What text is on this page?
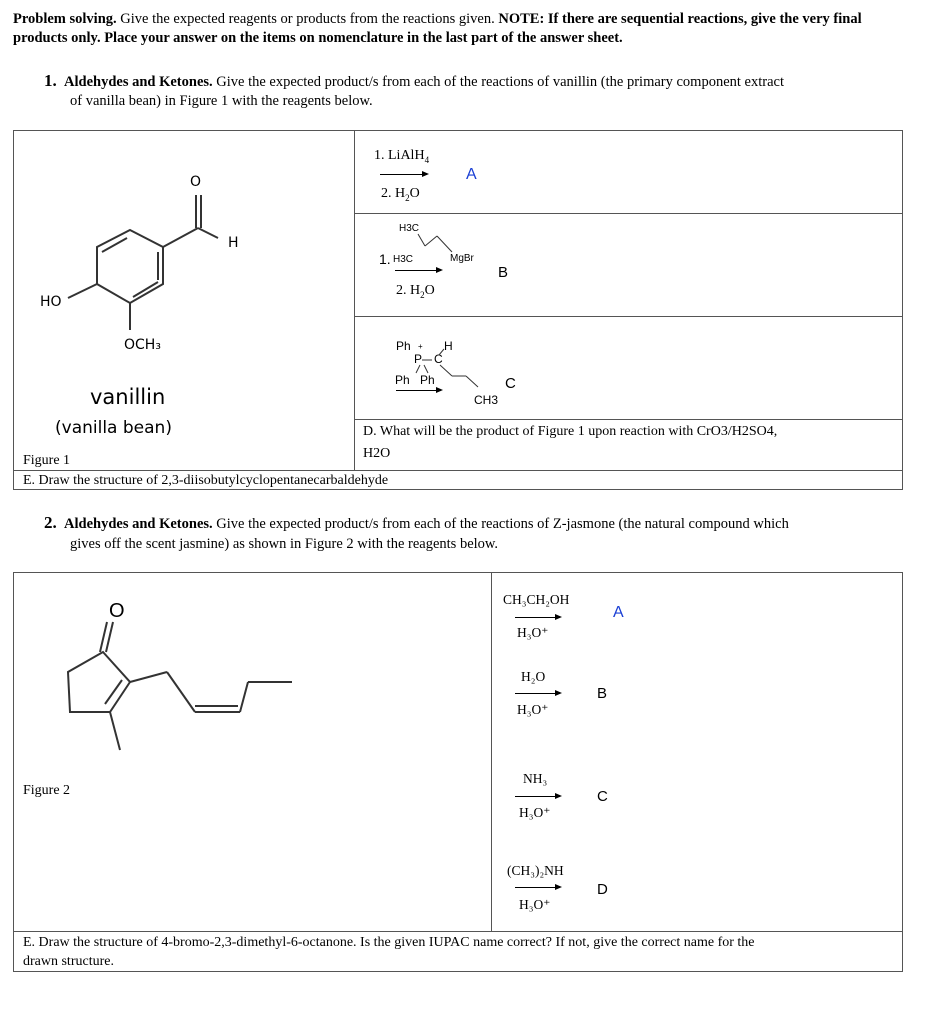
Problem solving. Give the expected reagents or products from the reactions given. NOTE: If there are sequential reactions, give the very final products only. Place your answer on the items on nomenclature in the last part of the answer sheet.
1. Aldehydes and Ketones. Give the expected product/s from each of the reactions of vanillin (the primary component extract
of vanilla bean) in Figure 1 with the reagents below.
O
H
HO
OCH₃
vanillin
(vanilla bean)
Figure 1
1. LiAlH$_4$
2. $H_2O$
A
H3C
1. H3C	MgBr
2. $H_2O$
B
Ph + H
P C
Ph Ph
CH3
C
D. What will be the product of Figure 1 upon reaction with CrO3/H2SO4,
H2O
E. Draw the structure of 2,3-diisobutylcyclopentanecarbaldehyde
2. Aldehydes and Ketones. Give the expected product/s from each of the reactions of Z-jasmone (the natural compound which
gives off the scent jasmine) as shown in Figure 2 with the reagents below.
O
Figure 2
CH₃CH₂OH
H₃O⁺
A
H₂O
H₃O⁺
B
NH₃
H₃O⁺
C
(CH₃)₂NH
H₃O⁺
D
E. Draw the structure of 4-bromo-2,3-dimethyl-6-octanone. Is the given IUPAC name correct? If not, give the correct name for the
drawn structure.
